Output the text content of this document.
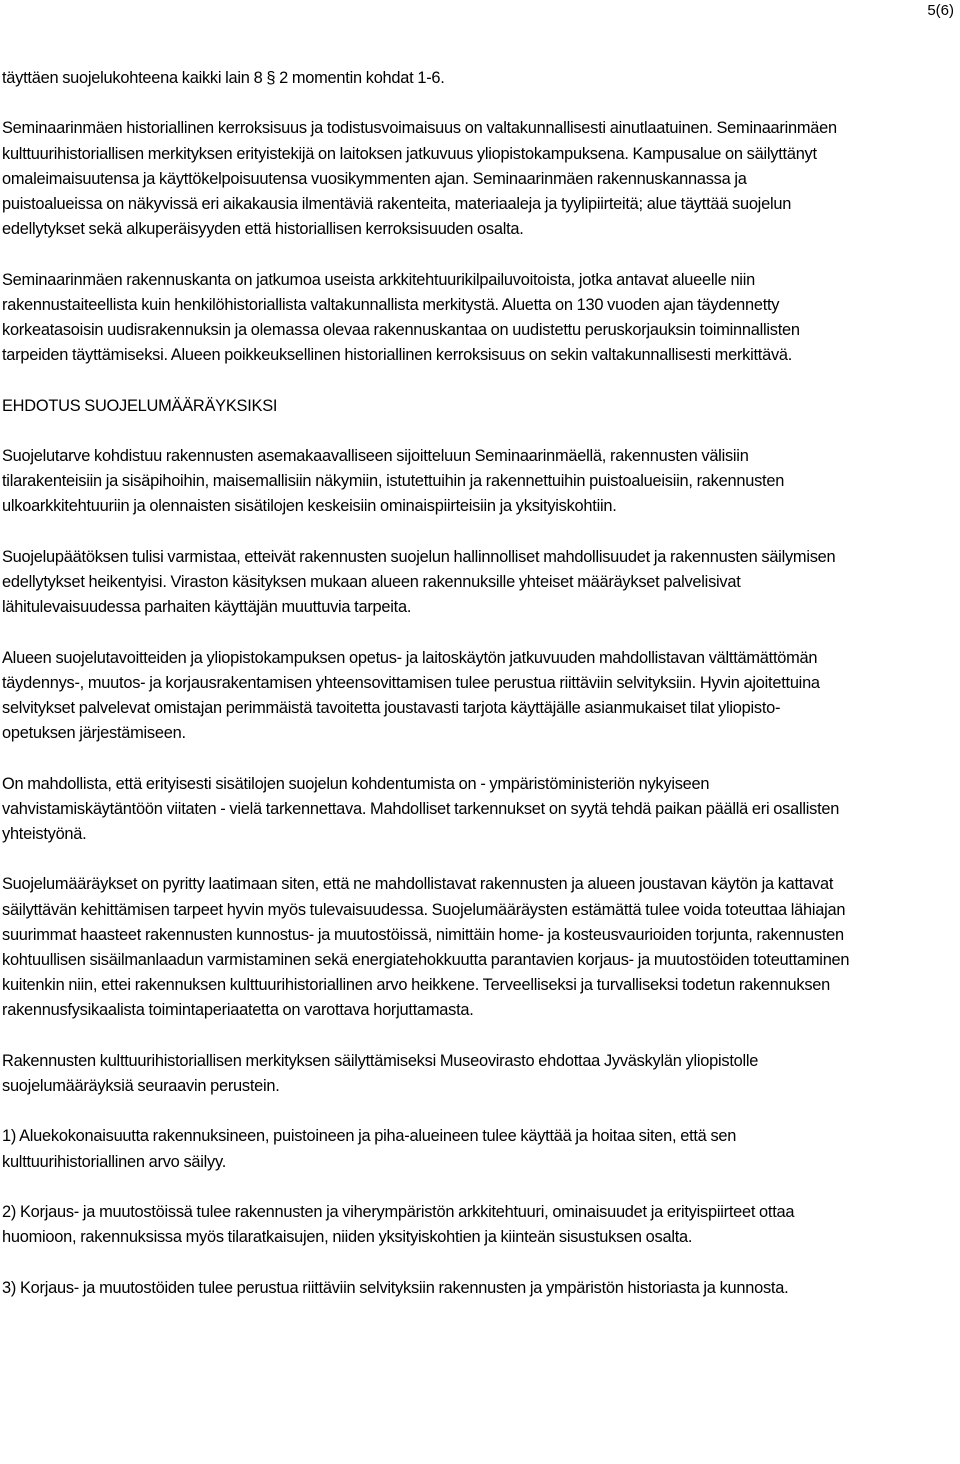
5(6)

täyttäen suojelukohteena kaikki lain 8 § 2 momentin kohdat 1-6.

Seminaarinmäen historiallinen kerroksisuus ja todistusvoimaisuus on valtakunnallisesti ainutlaatuinen. Seminaarinmäen kulttuurihistoriallisen merkityksen erityistekijä on laitoksen jatkuvuus yliopistokampuksena. Kampusalue on säilyttänyt omaleimaisuutensa ja käyttökelpoisuutensa vuosikymmenten ajan. Seminaarinmäen rakennuskannassa ja puistoalueissa on näkyvissä eri aikakausia ilmentäviä rakenteita, materiaaleja ja tyylipiirteitä; alue täyttää suojelun edellytykset sekä alkuperäisyyden että historiallisen kerroksisuuden osalta.

Seminaarinmäen rakennuskanta on jatkumoa useista arkkitehtuurikilpailuvoitoista, jotka antavat alueelle niin rakennustaiteellista kuin henkilöhistoriallista valtakunnallista merkitystä. Aluetta on 130 vuoden ajan täydennetty korkeatasoisin uudisrakennuksin ja olemassa olevaa rakennuskantaa on uudistettu peruskorjauksin toiminnallisten tarpeiden täyttämiseksi. Alueen poikkeuksellinen historiallinen kerroksisuus on sekin valtakunnallisesti merkittävä.

EHDOTUS SUOJELUMÄÄRÄYKSIKSI

Suojelutarve kohdistuu rakennusten asemakaavalliseen sijoitteluun Seminaarinmäellä, rakennusten välisiin tilarakenteisiin ja sisäpihoihin, maisemallisiin näkymiin, istutettuihin ja rakennettuihin puistoalueisiin, rakennusten ulkoarkkitehtuuriin ja olennaisten sisätilojen keskeisiin ominaispiirteisiin ja yksityiskohtiin.

Suojelupäätöksen tulisi varmistaa, etteivät rakennusten suojelun hallinnolliset mahdollisuudet ja rakennusten säilymisen edellytykset heikentyisi. Viraston käsityksen mukaan alueen rakennuksille yhteiset määräykset palvelisivat lähitulevaisuudessa parhaiten käyttäjän muuttuvia tarpeita.

Alueen suojelutavoitteiden ja yliopistokampuksen opetus- ja laitoskäytön jatkuvuuden mahdollistavan välttämättömän täydennys-, muutos- ja korjausrakentamisen yhteensovittamisen tulee perustua riittäviin selvityksiin. Hyvin ajoitettuina selvitykset palvelevat omistajan perimmäistä tavoitetta joustavasti tarjota käyttäjälle asianmukaiset tilat yliopisto-opetuksen järjestämiseen.

On mahdollista, että erityisesti sisätilojen suojelun kohdentumista on - ympäristöministeriön nykyiseen vahvistamiskäytäntöön viitaten - vielä tarkennettava. Mahdolliset tarkennukset on syytä tehdä paikan päällä eri osallisten yhteistyönä.

Suojelumääräykset on pyritty laatimaan siten, että ne mahdollistavat rakennusten ja alueen joustavan käytön ja kattavat säilyttävän kehittämisen tarpeet hyvin myös tulevaisuudessa. Suojelumääräysten estämättä tulee voida toteuttaa lähiajan suurimmat haasteet rakennusten kunnostus- ja muutostöissä, nimittäin home- ja kosteusvaurioiden torjunta, rakennusten kohtuullisen sisäilmanlaadun varmistaminen sekä energiatehokkuutta parantavien korjaus- ja muutostöiden toteuttaminen kuitenkin niin, ettei rakennuksen kulttuurihistoriallinen arvo heikkene. Terveelliseksi ja turvalliseksi todetun rakennuksen rakennusfysikaalista toimintaperiaatetta on varottava horjuttamasta.

Rakennusten kulttuurihistoriallisen merkityksen säilyttämiseksi Museovirasto ehdottaa Jyväskylän yliopistolle suojelumääräyksiä seuraavin perustein.

1) Aluekokonaisuutta rakennuksineen, puistoineen ja piha-alueineen tulee käyttää ja hoitaa siten, että sen kulttuurihistoriallinen arvo säilyy.

2) Korjaus- ja muutostöissä tulee rakennusten ja viherympäristön arkkitehtuuri, ominaisuudet ja erityispiirteet ottaa huomioon, rakennuksissa myös tilaratkaisujen, niiden yksityiskohtien ja kiinteän sisustuksen osalta.

3) Korjaus- ja muutostöiden tulee perustua riittäviin selvityksiin rakennusten ja ympäristön historiasta ja kunnosta.
